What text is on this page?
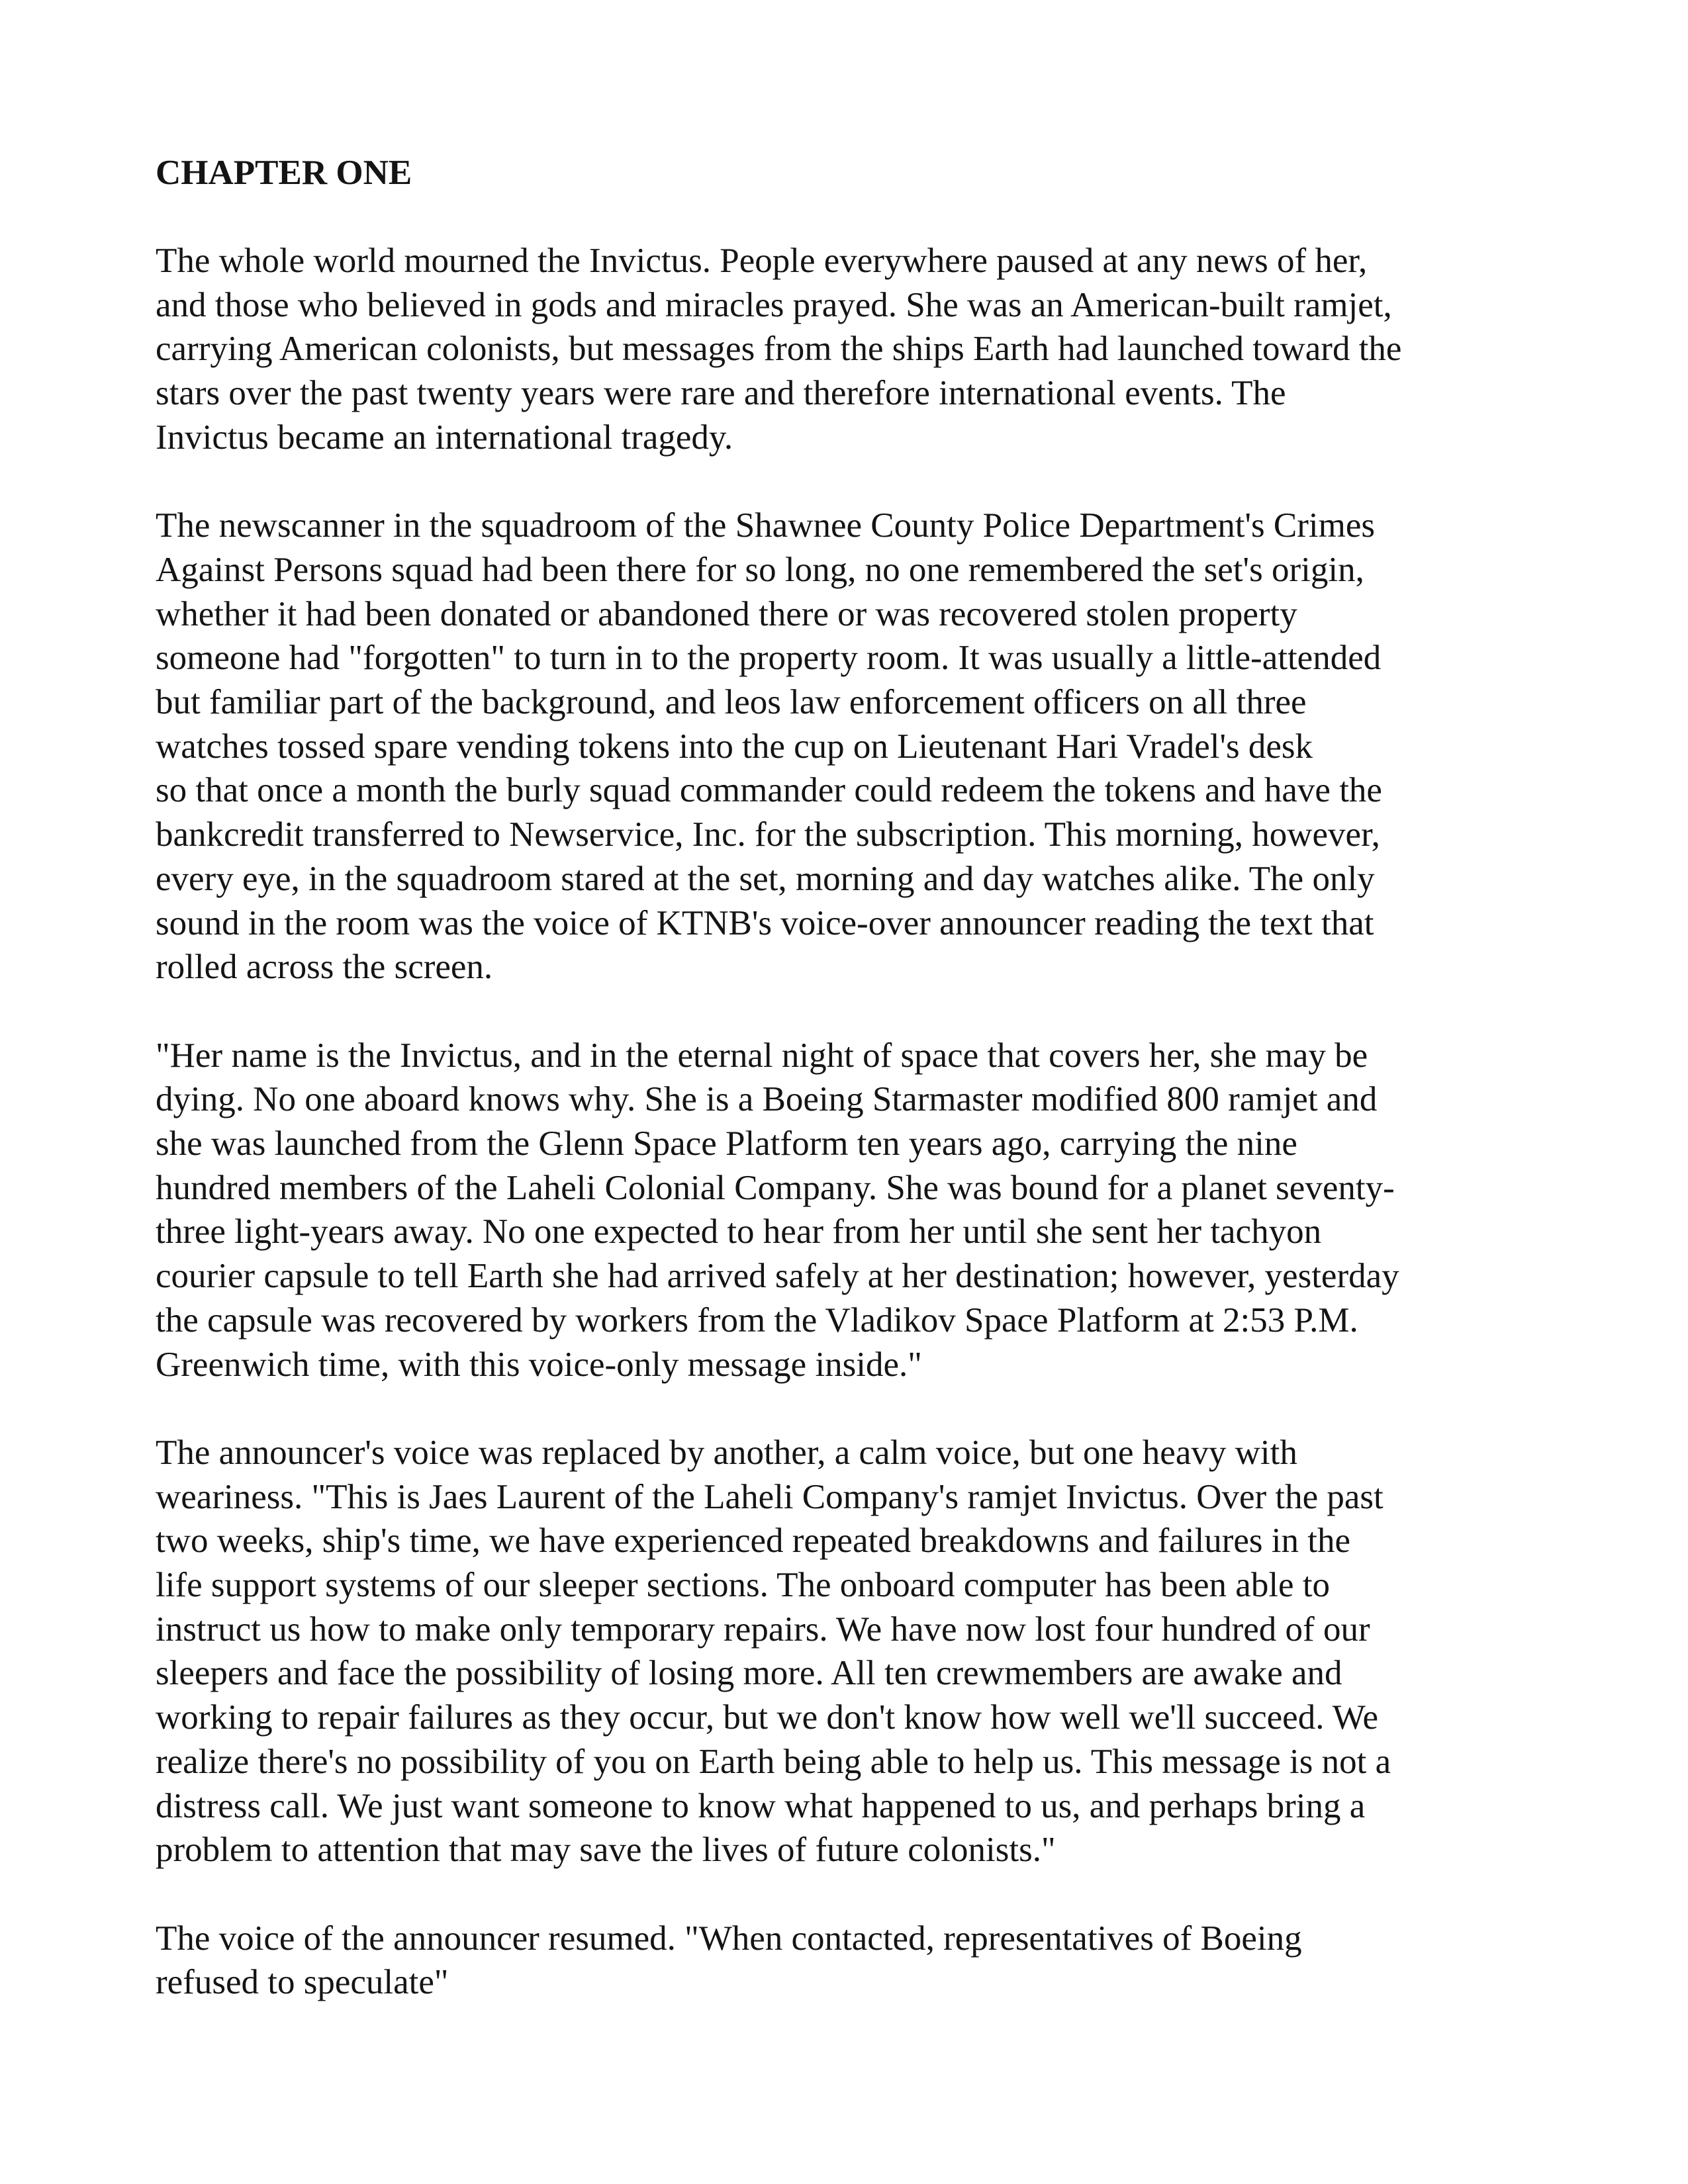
CHAPTER ONE
The whole world mourned the Invictus. People everywhere paused at any news of her,
and those who believed in gods and miracles prayed. She was an American-built ramjet,
carrying American colonists, but messages from the ships Earth had launched toward the
stars over the past twenty years were rare and therefore international events. The
Invictus became an international tragedy.
The newscanner in the squadroom of the Shawnee County Police Department's Crimes
Against Persons squad had been there for so long, no one remembered the set's origin,
whether it had been donated or abandoned there or was recovered stolen property
someone had "forgotten" to turn in to the property room. It was usually a little-attended
but familiar part of the background, and leos law enforcement officers on all three
watches tossed spare vending tokens into the cup on Lieutenant Hari Vradel's desk
so that once a month the burly squad commander could redeem the tokens and have the
bankcredit transferred to Newservice, Inc. for the subscription. This morning, however,
every eye, in the squadroom stared at the set, morning and day watches alike. The only
sound in the room was the voice of KTNB's voice-over announcer reading the text that
rolled across the screen.
"Her name is the Invictus, and in the eternal night of space that covers her, she may be
dying. No one aboard knows why. She is a Boeing Starmaster modified 800 ramjet and
she was launched from the Glenn Space Platform ten years ago, carrying the nine
hundred members of the Laheli Colonial Company. She was bound for a planet seventy-
three light-years away. No one expected to hear from her until she sent her tachyon
courier capsule to tell Earth she had arrived safely at her destination; however, yesterday
the capsule was recovered by workers from the Vladikov Space Platform at 2:53 P.M.
Greenwich time, with this voice-only message inside."
The announcer's voice was replaced by another, a calm voice, but one heavy with
weariness. "This is Jaes Laurent of the Laheli Company's ramjet Invictus. Over the past
two weeks, ship's time, we have experienced repeated breakdowns and failures in the
life support systems of our sleeper sections. The onboard computer has been able to
instruct us how to make only temporary repairs. We have now lost four hundred of our
sleepers and face the possibility of losing more. All ten crewmembers are awake and
working to repair failures as they occur, but we don't know how well we'll succeed. We
realize there's no possibility of you on Earth being able to help us. This message is not a
distress call. We just want someone to know what happened to us, and perhaps bring a
problem to attention that may save the lives of future colonists."
The voice of the announcer resumed. "When contacted, representatives of Boeing
refused to speculate"
